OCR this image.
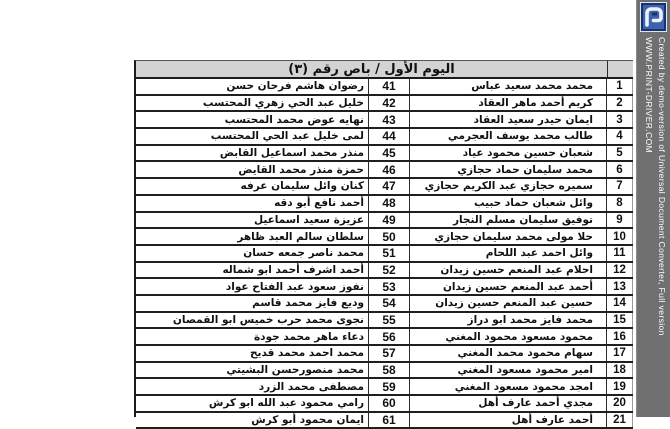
اليوم الأول / باص رقم (٣)
رضوان هاشم فرحان حسن	41	محمد محمد سعيد عباس	1
خليل عبد الحي زهري المحتسب	42	كريم أحمد ماهر العقاد	2
نهايه عوض محمد المحتسب	43	ايمان حيدر سعيد العقاد	3
لمى خليل عبد الحي المحتسب	44	طالب محمد يوسف العجرمي	4
منذر محمد اسماعيل القابض	45	شعبان حسين محمود عياد	5
حمزة منذر محمد القايض	46	محمد سليمان حماد حجازي	6
كنان وائل سليمان عرفه	47	سميره حجازي عبد الكريم حجازي	7
أحمد نافع أبو دقه	48	وائل شعبان حماد حبيب	8
عزيزة سعيد اسماعيل	49	توفيق سليمان مسلم النجار	9
سلطان سالم العبد ظاهر	50	حلا مولى محمد سليمان حجازي	10
محمد ناصر جمعه حسان	51	وائل احمد عبد اللحام	11
أحمد اشرف أحمد ابو شماله	52	احلام عبد المنعم حسين زيدان	12
نفوز سعود عبد الفتاح عواد	53	أحمد عبد المنعم حسين زيدان	13
وديع فايز محمد قاسم	54	حسين عبد المنعم حسين زيدان	14
نجوى محمد حرب خميس ابو القمصان	55	محمد فايز محمد ابو دراز	15
دعاء ماهر محمد جودة	56	محمود مسعود محمود المغني	16
محمد احمد محمد قديح	57	سهام محمود محمد المغني	17
محمد منصورحسن البشيتي	58	امير محمود مسعود المغني	18
مصطفى محمد الزرد	59	امجد محمود مسعود المغني	19
رامي محمود عبد الله ابو كرش	60	مجدي أحمد عارف أهل	20
ايمان محمود أبو كرش	61	أحمد عارف أهل	21
Created by demo-version of Universal Document Converter, Full version
WWW.PRINT-DRIVER.COM
